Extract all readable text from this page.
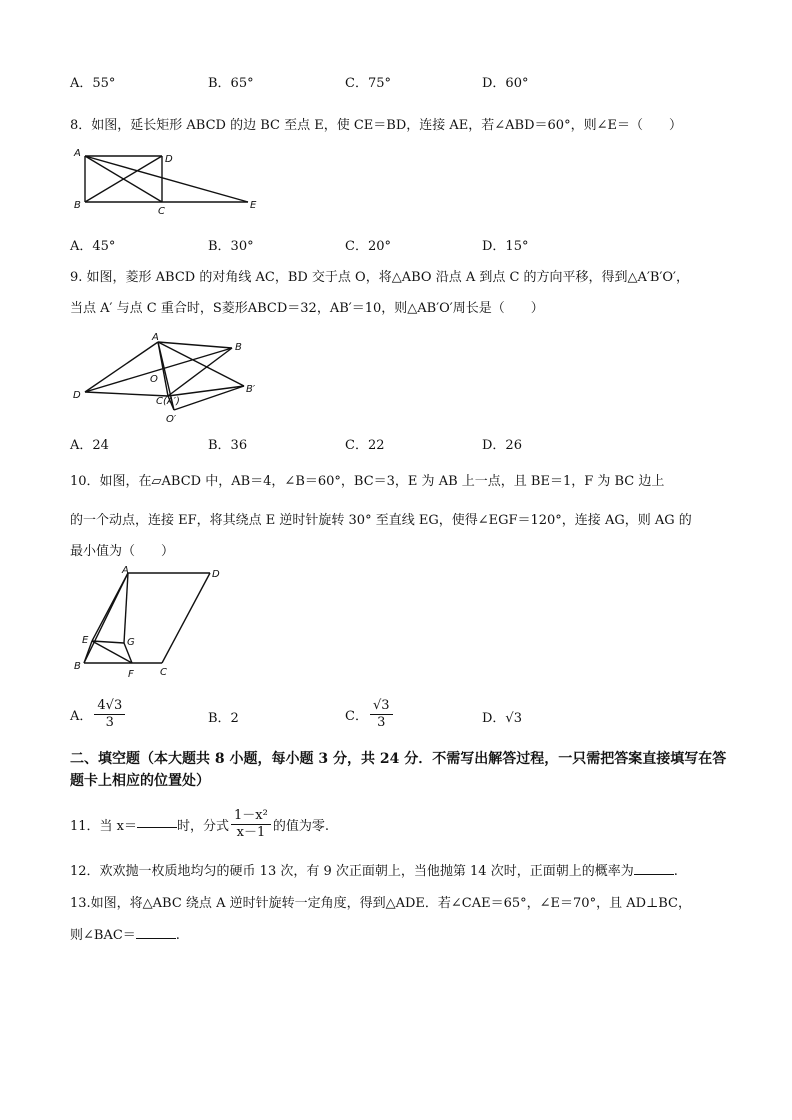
A．55°	B．65°	C．75°	D．60°
8．如图，延长矩形 ABCD 的边 BC 至点 E，使 CE＝BD，连接 AE，若∠ABD＝60°，则∠E＝（　　）
A
D
B
C
E
A．45°	B．30°	C．20°	D．15°
9. 如图，菱形 ABCD 的对角线 AC，BD 交于点 O，将△ABO 沿点 A 到点 C 的方向平移，得到△A′B′O′，
当点 A′ 与点 C 重合时，S菱形ABCD＝32，AB′＝10，则△AB′O′周长是（　　）
A
B
D
O
C(A′)
B′
O′
A．24	B．36	C．22	D．26
10．如图，在▱ABCD 中，AB＝4，∠B＝60°，BC＝3，E 为 AB 上一点，且 BE＝1，F 为 BC 边上
的一个动点，连接 EF，将其绕点 E 逆时针旋转 30° 至直线 EG，使得∠EGF＝120°，连接 AG，则 AG 的
最小值为（　　）
A	D
E	G
B
F	C
A． $\frac{4√3}{3}$	B．2	C． $\frac{√3}{3}$	D．√3
二、填空题（本大题共 8 小题，每小题 3 分，共 24 分．不需写出解答过程，一只需把答案直接填写在答题卡上相应的位置处）
11．当 x＝	时，分式 $\frac{\text{1－x²}}{x-1}$ 的值为零.
12．欢欢抛一枚质地均匀的硬币 13 次，有 9 次正面朝上，当他抛第 14 次时，正面朝上的概率为	.
13.如图，将△ABC 绕点 A 逆时针旋转一定角度，得到△ADE．若∠CAE＝65°，∠E＝70°，且 AD⊥BC，
则∠BAC＝	.
